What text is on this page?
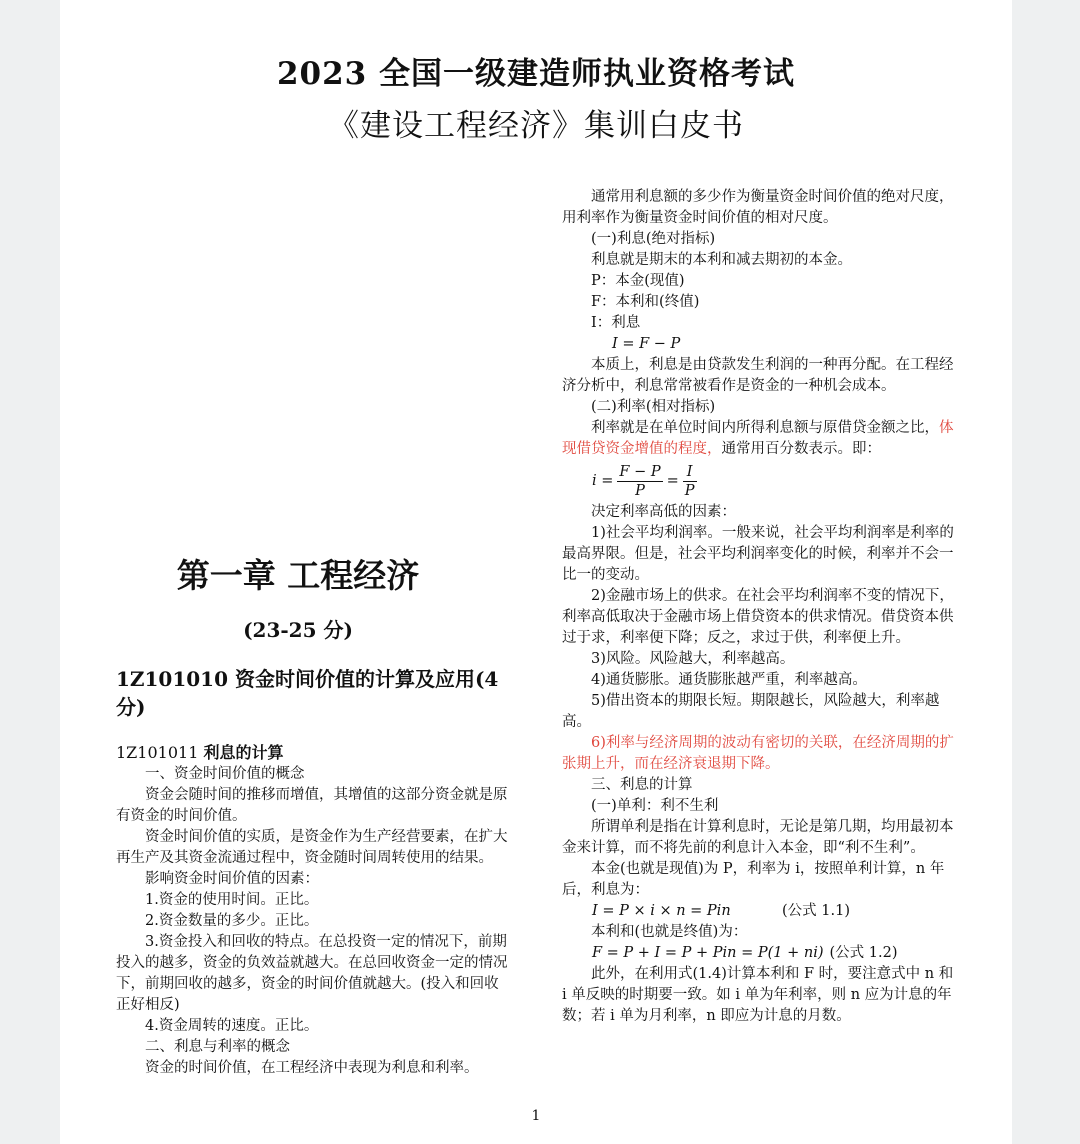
2023 全国一级建造师执业资格考试
《建设工程经济》集训白皮书
第一章 工程经济
(23-25 分)
1Z101010 资金时间价值的计算及应用(4分)
1Z101011 利息的计算

一、资金时间价值的概念

资金会随时间的推移而增值，其增值的这部分资金就是原有资金的时间价值。

资金时间价值的实质，是资金作为生产经营要素，在扩大再生产及其资金流通过程中，资金随时间周转使用的结果。

影响资金时间价值的因素：

1.资金的使用时间。正比。

2.资金数量的多少。正比。

3.资金投入和回收的特点。在总投资一定的情况下，前期投入的越多，资金的负效益就越大。在总回收资金一定的情况下，前期回收的越多，资金的时间价值就越大。(投入和回收正好相反)

4.资金周转的速度。正比。

二、利息与利率的概念

资金的时间价值，在工程经济中表现为利息和利率。

通常用利息额的多少作为衡量资金时间价值的绝对尺度，用利率作为衡量资金时间价值的相对尺度。

(一)利息(绝对指标)

利息就是期末的本利和减去期初的本金。

P：本金(现值)

F：本利和(终值)

I：利息

I = F − P

本质上，利息是由贷款发生利润的一种再分配。在工程经济分析中，利息常常被看作是资金的一种机会成本。

(二)利率(相对指标)

利率就是在单位时间内所得利息额与原借贷金额之比，体现借贷资金增值的程度，通常用百分数表示。即：

$i = \frac{F - P}{P} = \frac{I}{P}$

决定利率高低的因素：

1)社会平均利润率。一般来说，社会平均利润率是利率的最高界限。但是，社会平均利润率变化的时候，利率并不会一比一的变动。

2)金融市场上的供求。在社会平均利润率不变的情况下，利率高低取决于金融市场上借贷资本的供求情况。借贷资本供过于求，利率便下降；反之，求过于供，利率便上升。

3)风险。风险越大，利率越高。

4)通货膨胀。通货膨胀越严重，利率越高。

5)借出资本的期限长短。期限越长，风险越大，利率越高。

6)利率与经济周期的波动有密切的关联，在经济周期的扩张期上升，而在经济衰退期下降。

三、利息的计算

(一)单利：利不生利

所谓单利是指在计算利息时，无论是第几期，均用最初本金来计算，而不将先前的利息计入本金，即“利不生利”。

本金(也就是现值)为 P，利率为 i，按照单利计算，n 年后，利息为：

I = P × i × n = Pin	(公式 1.1)

本利和(也就是终值)为：

F = P + I = P + Pin = P(1 + ni) (公式 1.2)

此外，在利用式(1.4)计算本利和 F 时，要注意式中 n 和 i 单反映的时期要一致。如 i 单为年利率，则 n 应为计息的年数；若 i 单为月利率，n 即应为计息的月数。

1
